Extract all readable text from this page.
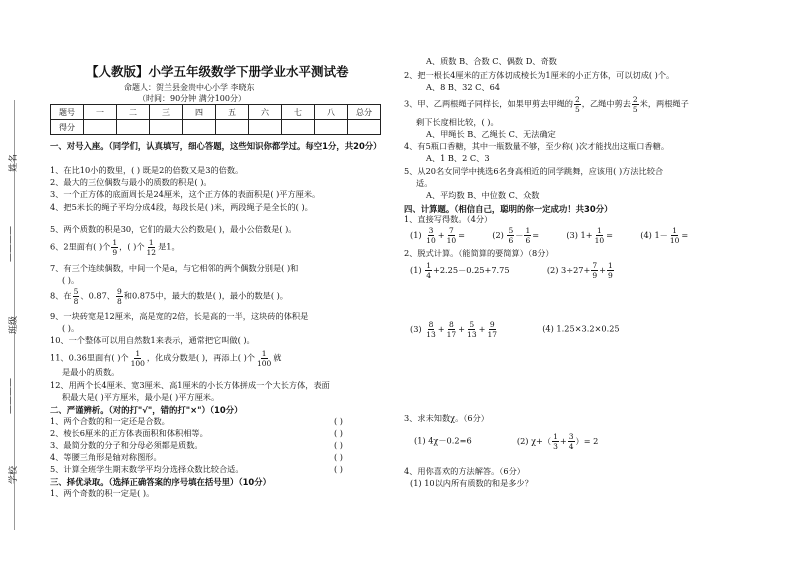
姓名
————
班级
————
学校
【人教版】小学五年级数学下册学业水平测试卷
命题人：贺兰县金贵中心小学 李晓东
（时间：90分钟 满分100分）
题号	一	二	三	四	五	六	七	八	总分
得分									
一、对号入座。（同学们，认真填写，细心答题，这些知识你都学过。每空1分，共20分）
1、在比10小的数里，( ) 既是2的倍数又是3的倍数。
2、最大的三位偶数与最小的质数的积是( )。
3、一个正方体的底面周长是24厘米，这个正方体的表面积是( )平方厘米。
4、把5米长的绳子平均分成4段，每段长是( )米，两段绳子是全长的( )。
5、两个质数的积是30，它们的最大公约数是( )，最小公倍数是( )。
6、2里面有( )个 $\frac{1}{9}$ ，( )个 $\frac{1}{12}$ 是1。
7、有三个连续偶数，中间一个是a，与它相邻的两个偶数分别是( )和
( )。
8、在 $\frac{5}{8}$ 、0.87、 $\frac{9}{8}$ 和0.875中，最大的数是( )，最小的数是( )。
9、一块砖宽是12厘米，高是宽的2倍，长是高的一半，这块砖的体积是
( )。
10、一个整体可以用自然数1来表示，通常把它叫做( )。
11、0.36里面有( )个 $\frac{1}{100}$ ，化成分数是( )，再添上( )个 $\frac{1}{100}$ 就
是最小的质数。
12、用两个长4厘米、宽3厘米、高1厘米的小长方体拼成一个大长方体，表面
积最大是( )平方厘米，最小是( )平方厘米。
二、严谨辨析。（对的打"√"，错的打"×"）（10分）
1、两个合数的和一定还是合数。	( )
2、棱长6厘米的正方体表面积和体积相等。	( )
3、最简分数的分子和分母必须都是质数。	( )
4、等腰三角形是轴对称图形。	( )
5、计算全班学生期末数学平均分选择众数比较合适。	( )
三、择优录取。（选择正确答案的序号填在括号里）（10分）
1、两个奇数的积一定是( )。
A、质数 B、合数 C、偶数 D、奇数
2、把一根长4厘米的正方体切成棱长为1厘米的小正方体，可以切成( )个。
A、8 B、32 C、64
3、甲、乙两根绳子同样长，如果甲剪去甲绳的 $\frac{2}{5}$ ，乙绳中剪去 $\frac{2}{5}$ 米，两根绳子
剩下长度相比较，( )。
A、甲绳长 B、乙绳长 C、无法确定
4、有5瓶口香糖，其中一瓶数量不够，至少称( )次才能找出这瓶口香糖。
A、1 B、2 C、3
5、从20名女同学中挑选6名身高相近的同学跳舞，应该用( )方法比较合
适。
A、平均数 B、中位数 C、众数
四、计算题。（相信自己，聪明的你一定成功！共30分）
1、直接写得数。（4分）
$(1) \frac{3}{10} + \frac{7}{10}$ =	$(2) \frac{5}{6} - \frac{1}{6}$ =	(3) $1+ \frac{1}{10}$ =	(4) $1- \frac{1}{10}$ =
2、脱式计算。（能简算的要简算）（8分）
$(1) \frac{1}{4} +2.25-0.25+7.75$	(2) $3\div 27+ \frac{7}{9} + \frac{1}{9}$
$(3) \frac{8}{13} + \frac{8}{17} + \frac{5}{13} + \frac{9}{17}$	(4) 1.25×3.2×0.25
3、求未知数χ。（6分）
(1) 4χ－0.2=6	(2) $\chi+( \frac{1}{3} + \frac{3}{4}$ ）= 2
4、用你喜欢的方法解答。（6分）
(1) 10以内所有质数的和是多少？
